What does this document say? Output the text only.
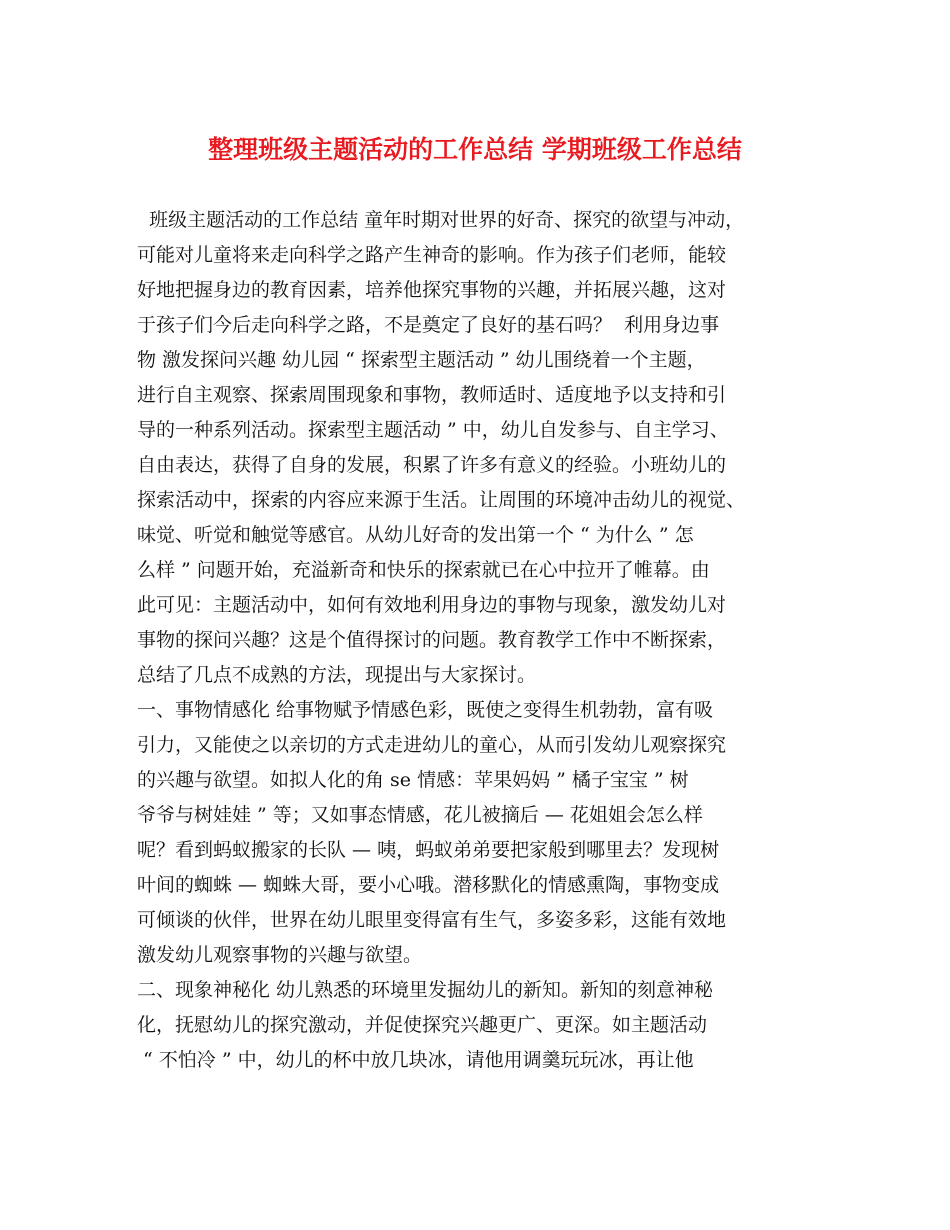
整理班级主题活动的工作总结 学期班级工作总结
班级主题活动的工作总结 童年时期对世界的好奇、探究的欲望与冲动，
可能对儿童将来走向科学之路产生神奇的影响。作为孩子们老师，能较
好地把握身边的教育因素，培养他探究事物的兴趣，并拓展兴趣，这对
于孩子们今后走向科学之路，不是奠定了良好的基石吗？  利用身边事
物 激发探问兴趣 幼儿园 “ 探索型主题活动 ” 幼儿围绕着一个主题，
进行自主观察、探索周围现象和事物，教师适时、适度地予以支持和引
导的一种系列活动。探索型主题活动 ” 中，幼儿自发参与、自主学习、
自由表达，获得了自身的发展，积累了许多有意义的经验。小班幼儿的
探索活动中，探索的内容应来源于生活。让周围的环境冲击幼儿的视觉、
味觉、听觉和触觉等感官。从幼儿好奇的发出第一个 “ 为什么 ” 怎
么样 ” 问题开始，充溢新奇和快乐的探索就已在心中拉开了帷幕。由
此可见：主题活动中，如何有效地利用身边的事物与现象，激发幼儿对
事物的探问兴趣？这是个值得探讨的问题。教育教学工作中不断探索，
总结了几点不成熟的方法，现提出与大家探讨。
一、事物情感化 给事物赋予情感色彩，既使之变得生机勃勃，富有吸
引力，又能使之以亲切的方式走进幼儿的童心，从而引发幼儿观察探究
的兴趣与欲望。如拟人化的角 se 情感：苹果妈妈 ” 橘子宝宝 ” 树
爷爷与树娃娃 ” 等；又如事态情感，花儿被摘后 — 花姐姐会怎么样
呢？看到蚂蚁搬家的长队 — 咦，蚂蚁弟弟要把家般到哪里去？发现树
叶间的蜘蛛 — 蜘蛛大哥，要小心哦。潜移默化的情感熏陶，事物变成
可倾谈的伙伴，世界在幼儿眼里变得富有生气，多姿多彩，这能有效地
激发幼儿观察事物的兴趣与欲望。
二、现象神秘化 幼儿熟悉的环境里发掘幼儿的新知。新知的刻意神秘
化，抚慰幼儿的探究激动，并促使探究兴趣更广、更深。如主题活动
“ 不怕冷 ” 中，幼儿的杯中放几块冰，请他用调羹玩玩冰，再让他
